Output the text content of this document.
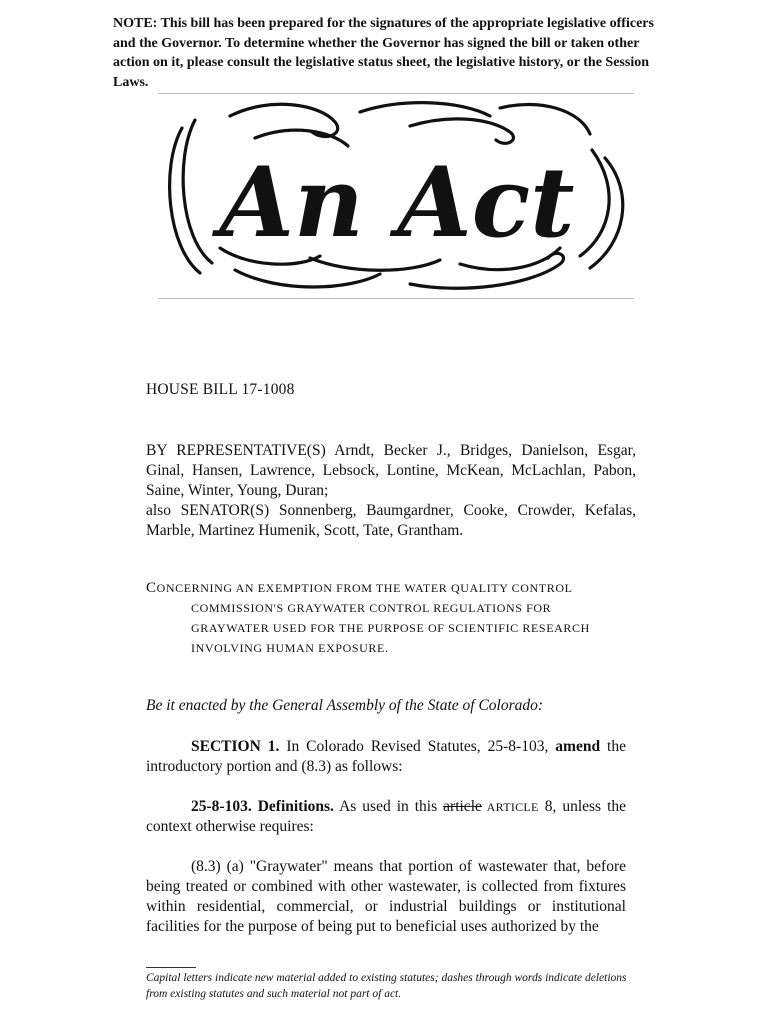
NOTE: This bill has been prepared for the signatures of the appropriate legislative officers and the Governor. To determine whether the Governor has signed the bill or taken other action on it, please consult the legislative status sheet, the legislative history, or the Session Laws.
An Act
HOUSE BILL 17-1008
BY REPRESENTATIVE(S) Arndt, Becker J., Bridges, Danielson, Esgar, Ginal, Hansen, Lawrence, Lebsock, Lontine, McKean, McLachlan, Pabon, Saine, Winter, Young, Duran;
also SENATOR(S) Sonnenberg, Baumgardner, Cooke, Crowder, Kefalas, Marble, Martinez Humenik, Scott, Tate, Grantham.
CONCERNING AN EXEMPTION FROM THE WATER QUALITY CONTROL
COMMISSION'S GRAYWATER CONTROL REGULATIONS FOR
GRAYWATER USED FOR THE PURPOSE OF SCIENTIFIC RESEARCH
INVOLVING HUMAN EXPOSURE.
Be it enacted by the General Assembly of the State of Colorado:
SECTION 1. In Colorado Revised Statutes, 25-8-103, amend the introductory portion and (8.3) as follows:
25-8-103. Definitions. As used in this article ARTICLE 8, unless the context otherwise requires:
(8.3) (a) "Graywater" means that portion of wastewater that, before being treated or combined with other wastewater, is collected from fixtures within residential, commercial, or industrial buildings or institutional facilities for the purpose of being put to beneficial uses authorized by the
Capital letters indicate new material added to existing statutes; dashes through words indicate deletions from existing statutes and such material not part of act.
